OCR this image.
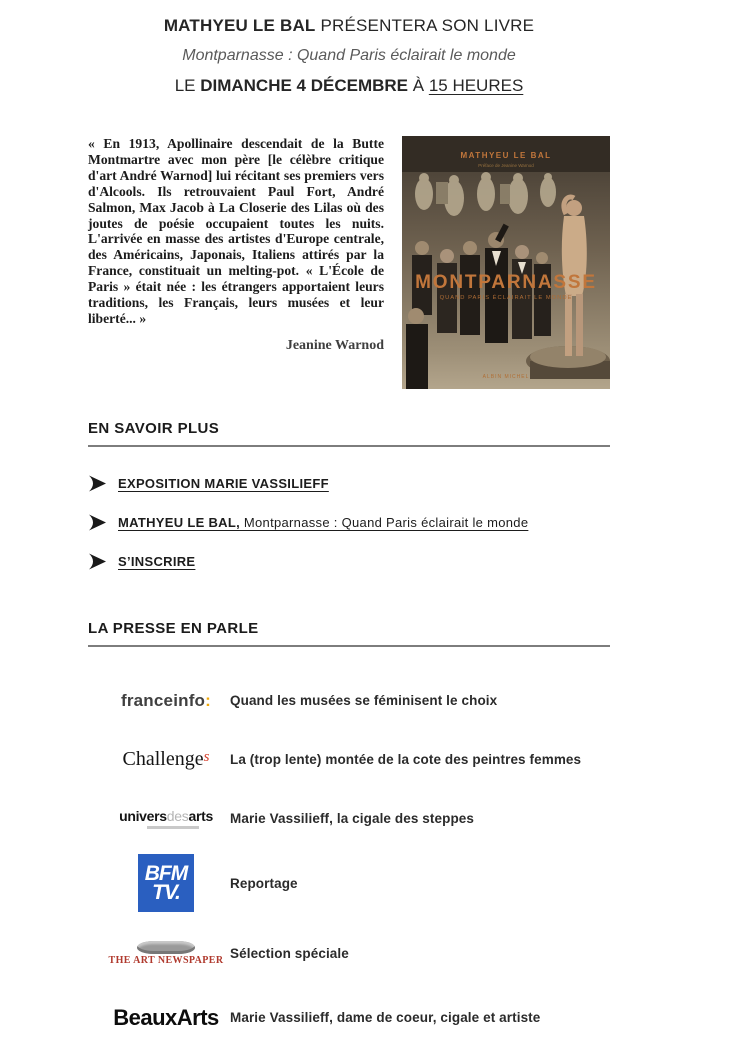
MATHYEU LE BAL PRÉSENTERA SON LIVRE
Montparnasse : Quand Paris éclairait le monde
LE DIMANCHE 4 DÉCEMBRE À 15 HEURES
« En 1913, Apollinaire descendait de la Butte Montmartre avec mon père [le célèbre critique d'art André Warnod] lui récitant ses premiers vers d'Alcools. Ils retrouvaient Paul Fort, André Salmon, Max Jacob à La Closerie des Lilas où des joutes de poésie occupaient toutes les nuits. L'arrivée en masse des artistes d'Europe centrale, des Américains, Japonais, Italiens attirés par la France, constituait un melting-pot. « L'École de Paris » était née : les étrangers apportaient leurs traditions, les Français, leurs musées et leur liberté... »
Jeanine Warnod
MATHYEU LE BAL
Préface de Jeanine Warnod
MONTPARNASSE
QUAND PARIS ÉCLAIRAIT LE MONDE
ALBIN MICHEL
EN SAVOIR PLUS
EXPOSITION MARIE VASSILIEFF
MATHYEU LE BAL, Montparnasse : Quand Paris éclairait le monde
S’INSCRIRE
LA PRESSE EN PARLE
franceinfo: Quand les musées se féminisent le choix
Challenge$^s$ La (trop lente) montée de la cote des peintres femmes
universdesarts Marie Vassilieff, la cigale des steppes
BFM
TV.	Reportage
THE ART NEWSPAPER Sélection spéciale
BeauxArts Marie Vassilieff, dame de coeur, cigale et artiste
